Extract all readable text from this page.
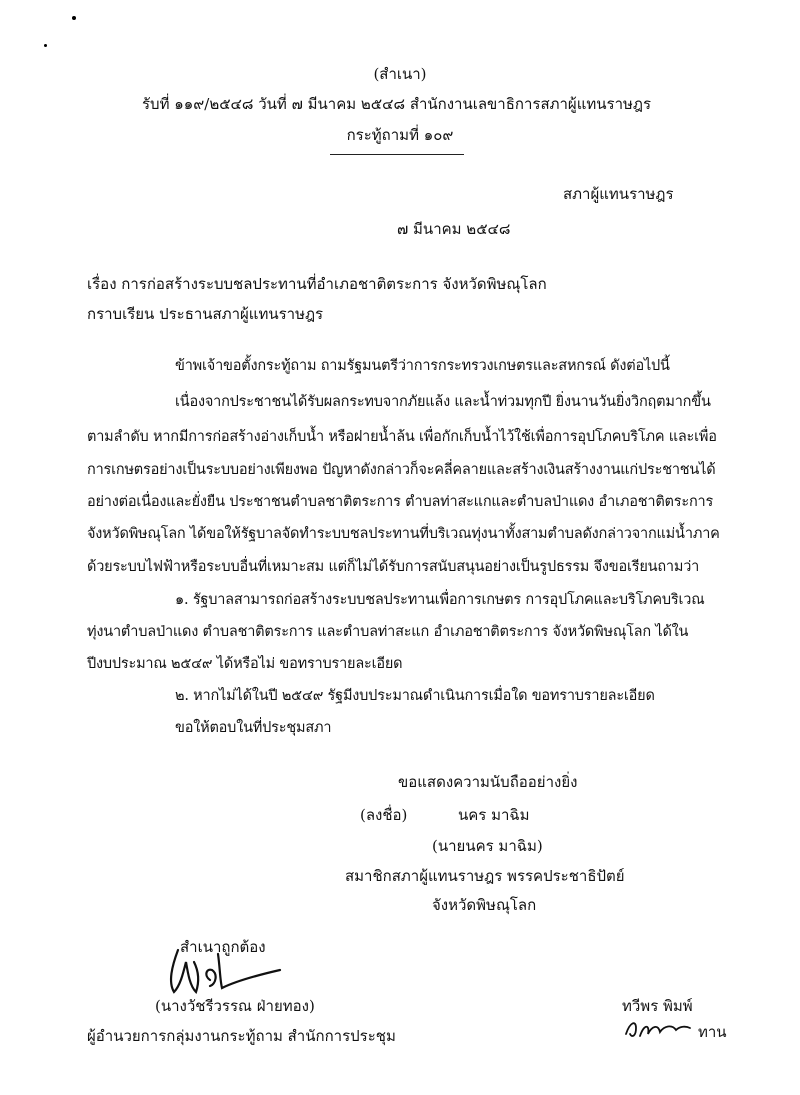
(สำเนา)
รับที่ ๑๑๙/๒๕๔๘ วันที่ ๗ มีนาคม ๒๕๔๘ สำนักงานเลขาธิการสภาผู้แทนราษฎร
กระทู้ถามที่ ๑๐๙
สภาผู้แทนราษฎร
๗ มีนาคม ๒๕๔๘
เรื่อง การก่อสร้างระบบชลประทานที่อำเภอชาติตระการ จังหวัดพิษณุโลก
กราบเรียน ประธานสภาผู้แทนราษฎร
ข้าพเจ้าขอตั้งกระทู้ถาม ถามรัฐมนตรีว่าการกระทรวงเกษตรและสหกรณ์ ดังต่อไปนี้
เนื่องจากประชาชนได้รับผลกระทบจากภัยแล้ง และน้ำท่วมทุกปี ยิ่งนานวันยิ่งวิกฤตมากขึ้น
ตามลำดับ หากมีการก่อสร้างอ่างเก็บน้ำ หรือฝายน้ำล้น เพื่อกักเก็บน้ำไว้ใช้เพื่อการอุปโภคบริโภค และเพื่อ
การเกษตรอย่างเป็นระบบอย่างเพียงพอ ปัญหาดังกล่าวก็จะคลี่คลายและสร้างเงินสร้างงานแก่ประชาชนได้
อย่างต่อเนื่องและยั่งยืน ประชาชนตำบลชาติตระการ ตำบลท่าสะแกและตำบลป่าแดง อำเภอชาติตระการ
จังหวัดพิษณุโลก ได้ขอให้รัฐบาลจัดทำระบบชลประทานที่บริเวณทุ่งนาทั้งสามตำบลดังกล่าวจากแม่น้ำภาค
ด้วยระบบไฟฟ้าหรือระบบอื่นที่เหมาะสม แต่ก็ไม่ได้รับการสนับสนุนอย่างเป็นรูปธรรม จึงขอเรียนถามว่า
๑. รัฐบาลสามารถก่อสร้างระบบชลประทานเพื่อการเกษตร การอุปโภคและบริโภคบริเวณ
ทุ่งนาตำบลป่าแดง ตำบลชาติตระการ และตำบลท่าสะแก อำเภอชาติตระการ จังหวัดพิษณุโลก ได้ใน
ปีงบประมาณ ๒๕๔๙ ได้หรือไม่ ขอทราบรายละเอียด
๒. หากไม่ได้ในปี ๒๕๔๙ รัฐมีงบประมาณดำเนินการเมื่อใด ขอทราบรายละเอียด
ขอให้ตอบในที่ประชุมสภา
ขอแสดงความนับถืออย่างยิ่ง
(ลงชื่อ)	นคร มาฉิม
(นายนคร มาฉิม)
สมาชิกสภาผู้แทนราษฎร พรรคประชาธิปัตย์
จังหวัดพิษณุโลก
สำเนาถูกต้อง
(นางวัชรีวรรณ ฝ่ายทอง)
ผู้อำนวยการกลุ่มงานกระทู้ถาม สำนักการประชุม
ทวีพร พิมพ์
ทาน
